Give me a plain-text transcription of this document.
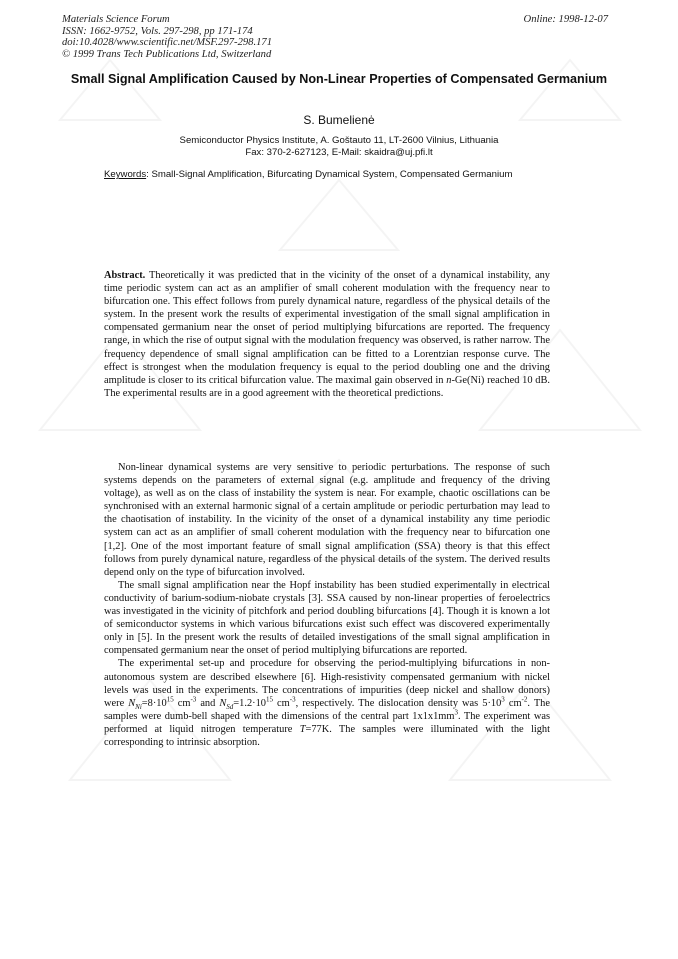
Materials Science Forum
ISSN: 1662-9752, Vols. 297-298, pp 171-174
doi:10.4028/www.scientific.net/MSF.297-298.171
© 1999 Trans Tech Publications Ltd, Switzerland
Online: 1998-12-07
Small Signal Amplification Caused by Non-Linear Properties of Compensated Germanium
S. Bumelienė
Semiconductor Physics Institute, A. Goštauto 11, LT-2600 Vilnius, Lithuania
Fax: 370-2-627123, E-Mail: skaidra@uj.pfi.lt
Keywords: Small-Signal Amplification, Bifurcating Dynamical System, Compensated Germanium
Abstract. Theoretically it was predicted that in the vicinity of the onset of a dynamical instability, any time periodic system can act as an amplifier of small coherent modulation with the frequency near to bifurcation one. This effect follows from purely dynamical nature, regardless of the physical details of the system. In the present work the results of experimental investigation of the small signal amplification in compensated germanium near the onset of period multiplying bifurcations are reported. The frequency range, in which the rise of output signal with the modulation frequency was observed, is rather narrow. The frequency dependence of small signal amplification can be fitted to a Lorentzian response curve. The effect is strongest when the modulation frequency is equal to the period doubling one and the driving amplitude is closer to its critical bifurcation value. The maximal gain observed in n-Ge(Ni) reached 10 dB. The experimental results are in a good agreement with the theoretical predictions.

Non-linear dynamical systems are very sensitive to periodic perturbations. The response of such systems depends on the parameters of external signal (e.g. amplitude and frequency of the driving voltage), as well as on the class of instability the system is near. For example, chaotic oscillations can be synchronised with an external harmonic signal of a certain amplitude or periodic perturbation may lead to the chaotisation of instability. In the vicinity of the onset of a dynamical instability any time periodic system can act as an amplifier of small coherent modulation with the frequency near to bifurcation one [1,2]. One of the most important feature of small signal amplification (SSA) theory is that this effect follows from purely dynamical nature, regardless of the physical details of the system. The derived results depend only on the type of bifurcation involved.

The small signal amplification near the Hopf instability has been studied experimentally in electrical conductivity of barium-sodium-niobate crystals [3]. SSA caused by non-linear properties of feroelectrics was investigated in the vicinity of pitchfork and period doubling bifurcations [4]. Though it is known a lot of semiconductor systems in which various bifurcations exist such effect was discovered experimentally only in [5]. In the present work the results of detailed investigations of the small signal amplification in compensated germanium near the onset of period multiplying bifurcations are reported.

The experimental set-up and procedure for observing the period-multiplying bifurcations in non-autonomous system are described elsewhere [6]. High-resistivity compensated germanium with nickel levels was used in the experiments. The concentrations of impurities (deep nickel and shallow donors) were $N_{Ni}=8\cdot 10^{15}$ $cm^{-3}$ and $N_{Sd}=1.2\cdot 10^{15}$ $cm^{-3}$, respectively. The dislocation density was $5\cdot 10^3$ $cm^{-2}$. The samples were dumb-bell shaped with the dimensions of the central part $1x1x1mm^3$. The experiment was performed at liquid nitrogen temperature T=77K. The samples were illuminated with the light corresponding to intrinsic absorption.
